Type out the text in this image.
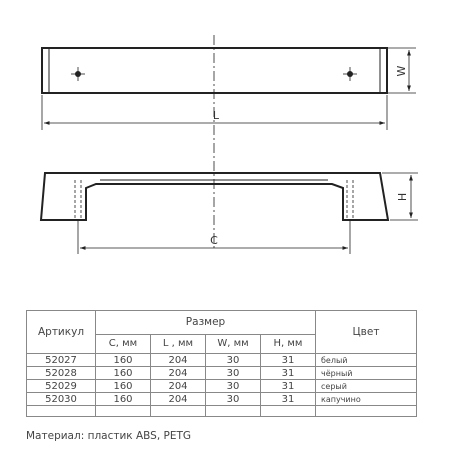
W
L
H
C
Артикул	Размер				Цвет
	С, мм	L , мм	W, мм	H, мм	
52027	160	204	30	31	белый
52028	160	204	30	31	чёрный
52029	160	204	30	31	серый
52030	160	204	30	31	капучино

Материал: пластик ABS, PETG
